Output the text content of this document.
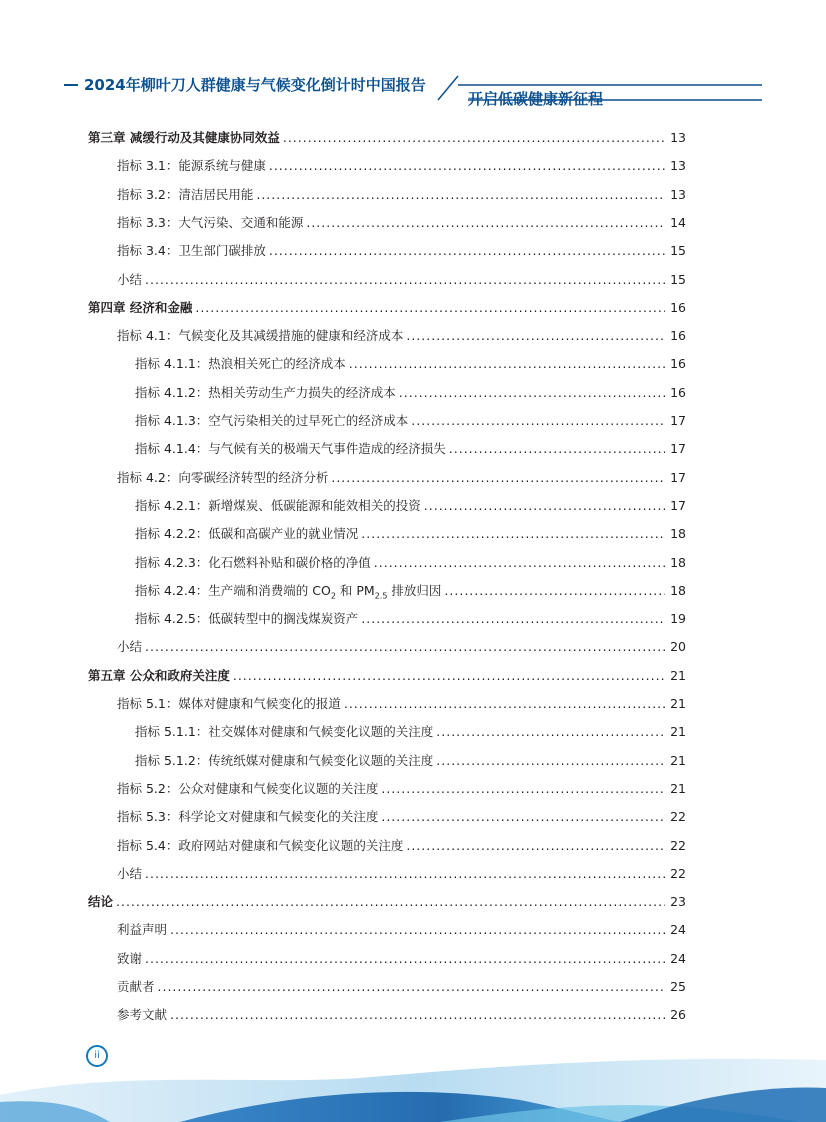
2024年柳叶刀人群健康与气候变化倒计时中国报告
开启低碳健康新征程
第三章 减缓行动及其健康协同效益 .....	13
指标 3.1：能源系统与健康 .....	13
指标 3.2：清洁居民用能 .....	13
指标 3.3：大气污染、交通和能源 .....	14
指标 3.4：卫生部门碳排放 .....	15
小结 .....	15
第四章 经济和金融 .....	16
指标 4.1：气候变化及其减缓措施的健康和经济成本 .....	16
指标 4.1.1：热浪相关死亡的经济成本 .....	16
指标 4.1.2：热相关劳动生产力损失的经济成本 .....	16
指标 4.1.3：空气污染相关的过早死亡的经济成本 .....	17
指标 4.1.4：与气候有关的极端天气事件造成的经济损失 .....	17
指标 4.2：向零碳经济转型的经济分析 .....	17
指标 4.2.1：新增煤炭、低碳能源和能效相关的投资 .....	17
指标 4.2.2：低碳和高碳产业的就业情况 .....	18
指标 4.2.3：化石燃料补贴和碳价格的净值 .....	18
指标 4.2.4：生产端和消费端的 $CO_2$ 和 $PM_{2.5}$ 排放归因 .....	18
指标 4.2.5：低碳转型中的搁浅煤炭资产 .....	19
小结 .....	20
第五章 公众和政府关注度 .....	21
指标 5.1：媒体对健康和气候变化的报道 .....	21
指标 5.1.1：社交媒体对健康和气候变化议题的关注度 .....	21
指标 5.1.2：传统纸媒对健康和气候变化议题的关注度 .....	21
指标 5.2：公众对健康和气候变化议题的关注度 .....	21
指标 5.3：科学论文对健康和气候变化的关注度 .....	22
指标 5.4：政府网站对健康和气候变化议题的关注度 .....	22
小结 .....	22
结论 .....	23
利益声明 .....	24
致谢 .....	24
贡献者 .....	25
参考文献 .....	26
ii
